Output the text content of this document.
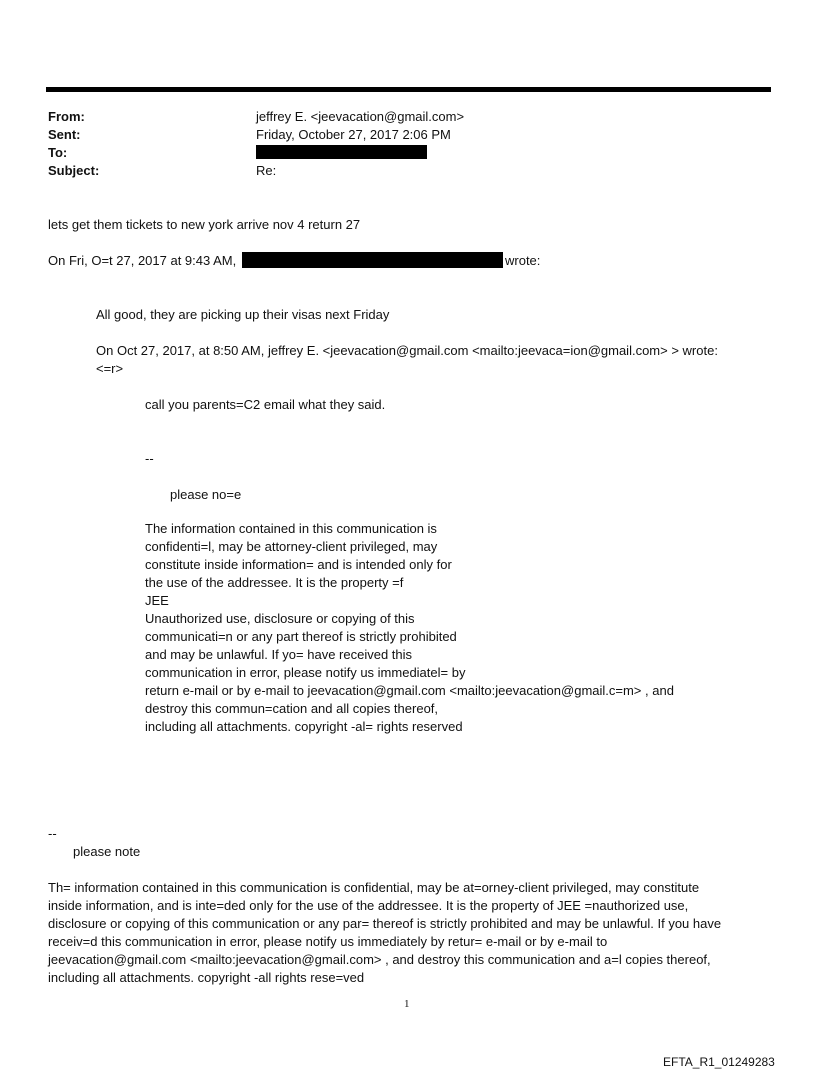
From:	jeffrey E. <jeevacation@gmail.com>
Sent:	Friday, October 27, 2017 2:06 PM
To:
Subject:	Re:
lets get them tickets to new york arrive nov 4 return 27
On Fri, O=t 27, 2017 at 9:43 AM,	wrote:
All good, they are picking up their visas next Friday
On Oct 27, 2017, at 8:50 AM, jeffrey E. <jeevacation@gmail.com <mailto:jeevaca=ion@gmail.com> > wrote:
<=r>
call you parents=C2 email what they said.
--
please no=e
The information contained in this communication is
confidenti=l, may be attorney-client privileged, may
constitute inside information= and is intended only for
the use of the addressee. It is the property =f
JEE
Unauthorized use, disclosure or copying of this
communicati=n or any part thereof is strictly prohibited
and may be unlawful. If yo= have received this
communication in error, please notify us immediatel= by
return e-mail or by e-mail to jeevacation@gmail.com <mailto:jeevacation@gmail.c=m> , and
destroy this commun=cation and all copies thereof,
including all attachments. copyright -al= rights reserved
--
please note
Th= information contained in this communication is confidential, may be at=orney-client privileged, may constitute
inside information, and is inte=ded only for the use of the addressee. It is the property of JEE =nauthorized use,
disclosure or copying of this communication or any par= thereof is strictly prohibited and may be unlawful. If you have
receiv=d this communication in error, please notify us immediately by retur= e-mail or by e-mail to
jeevacation@gmail.com <mailto:jeevacation@gmail.com> , and destroy this communication and a=l copies thereof,
including all attachments. copyright -all rights rese=ved
1
EFTA_R1_01249283
